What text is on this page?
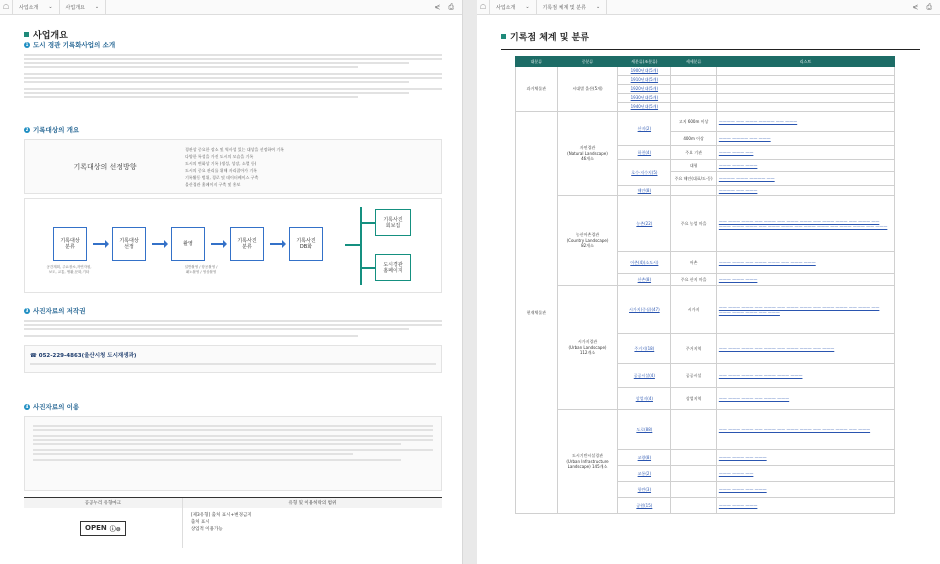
☖	사업소개 ⌄	사업개요 ⌄	⋞ ⎙
사업개요
1 도시 경관 기록화사업의 소개
2 기록대상의 개요
기록대상의 선정방향
경관상 중요한 장소 및 역사성 있는 대상을 선정하여 기록
다양한 특성을 가진 도시의 모습을 기록
도시의 변화상 기록 (생성, 성장, 소멸 등)
도시의 중요 관리를 위해 자리잡아가 기록
기록활동 범위, 경로 및 데이터베이스 구축
울산경관 홈페이지 구축 및 홍보
기록대상
분류
기록대상
선정	촬영	기록사진
분류
기록사진
DB화
공간계획, 주요장소,자연자원,
보도, 교통, 생활,문화,기타
일반촬영 / 항공촬영 /
패노촬영 / 영상촬영
기록사진
회보집
도시경관
홈페이지
3 사진자료의 저작권
☎ 052-229-4863(울산시청 도시재생과)
4 사진자료의 이용
공공누리 유형마크
OPEN ⓘ⊜
유형 및 이용허락의 범위
[제3유형] 출처 표시+변경금지
출처 표시
상업적 이용가능
☖	사업소개 ⌄	기록점 체계 및 분류 ⌄	⋞ ⎙
기록점 체계 및 분류
대분류	중분류	세분류(조분류)	세세분류	리스트
과거체물관	시대별 울산(5개)	1900년대(5개)		
		1910년대(5개)		
		1920년대(5개)		
		1930년대(5개)		
		1940년대(5개)		
현재체물관	자연경관
(Natural Landscape)
46개소	산지(2)	고지 600m 이상	———— —— ——— ———— —— ———
			400m 이상	——— ———— —— ———
		하천(4)	주요 기관	——— ——— ——
		호수·저수지(5)	대형	——— ——— ———
			주요 해안(대표/도·동)	———— ——— ———— ——
		해안(8)		———— —— ———
	농산어촌경관
(Country Landscape)
82개소	농촌(22)	주요 농업 마을	—— ——— ——— —— ——— —— ——— ——— —— ——— ——— —— ——— —— ——— ——— ——— —— ——— ——— —— ——— ——— —— ——— ——— —— ———
		어촌(4)(소도시)	어촌	——— ——— —— ——— ——— —— ——— ———
		산촌(8)	주요 산지 마을	——— ——— ———
	시가지경관
(Urban Landscape)
112개소	시가지(중심)(47)	시가지	—— ——— ——— —— ——— —— ——— ——— —— ——— ——— —— ——— —— ——— ——— ——— —— ———
		주거지(18)	주거지역	—— ——— ——— —— ——— —— ——— ——— —— ———
		공공시설(4)	공공시설	—— ——— ——— —— ——— ——— ———
		상업지(4)	상업지역	—— ——— ——— —— ——— ———
	도시기반시설경관
(Urban Infrastructure
Landscape) 145개소	도로(88)		—— ——— ——— —— ——— —— ——— ——— —— ——— ——— —— ———
		교량(8)		——— ——— —— ———
		교통(2)		——— ——— ——
		항만(3)		——— ——— —— ———
		공원(15)		——— ——— ———
